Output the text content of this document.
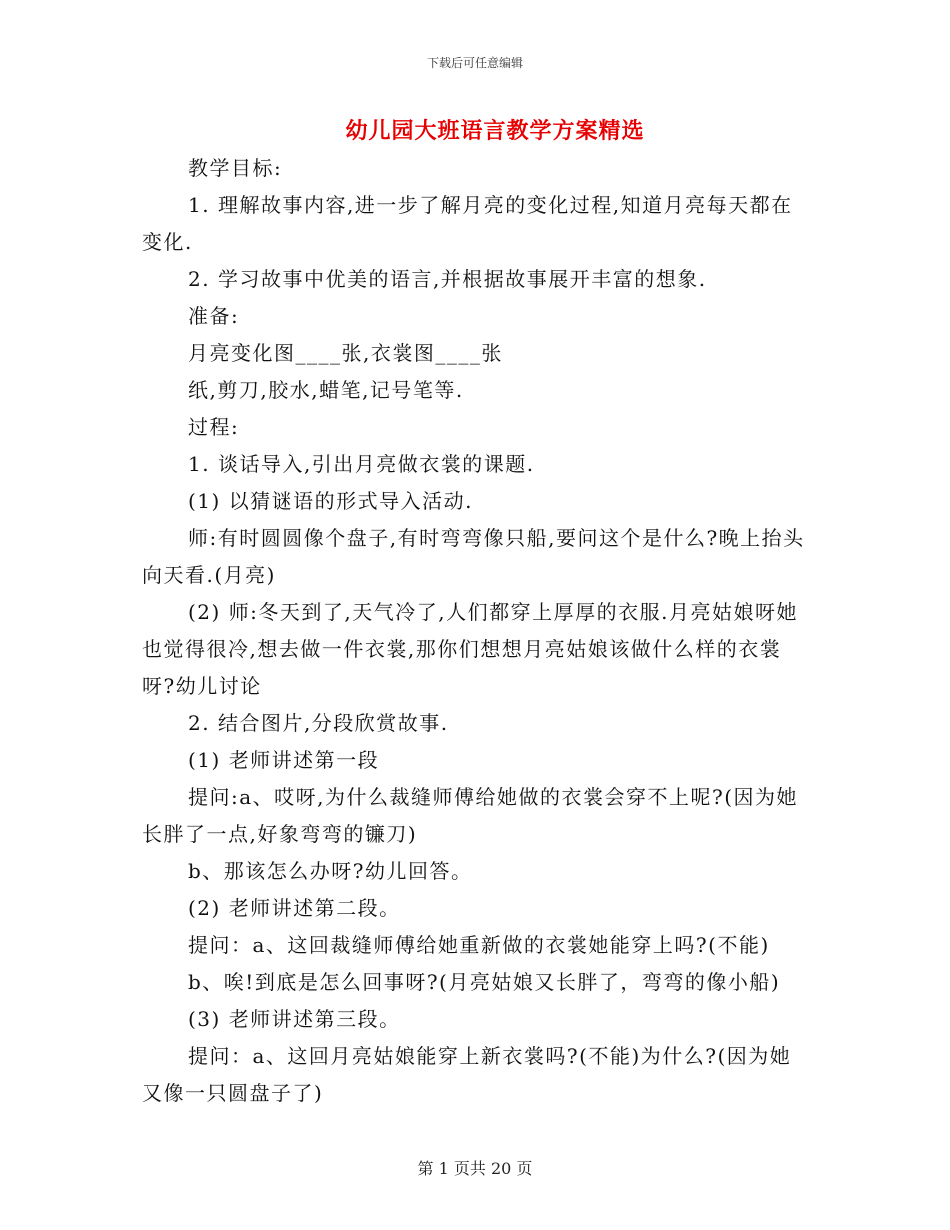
下载后可任意编辑
幼儿园大班语言教学方案精选

教学目标:

1. 理解故事内容,进一步了解月亮的变化过程,知道月亮每天都在变化.

2. 学习故事中优美的语言,并根据故事展开丰富的想象.

准备:

月亮变化图____张,衣裳图____张

纸,剪刀,胶水,蜡笔,记号笔等.

过程:

1. 谈话导入,引出月亮做衣裳的课题.

(1) 以猜谜语的形式导入活动.

师:有时圆圆像个盘子,有时弯弯像只船,要问这个是什么?晚上抬头向天看.(月亮)

(2) 师:冬天到了,天气冷了,人们都穿上厚厚的衣服.月亮姑娘呀她也觉得很冷,想去做一件衣裳,那你们想想月亮姑娘该做什么样的衣裳呀?幼儿讨论

2. 结合图片,分段欣赏故事.

(1) 老师讲述第一段

提问:a、哎呀,为什么裁缝师傅给她做的衣裳会穿不上呢?(因为她长胖了一点,好象弯弯的镰刀)

b、那该怎么办呀?幼儿回答。

(2) 老师讲述第二段。

提问：a、这回裁缝师傅给她重新做的衣裳她能穿上吗?(不能)

b、唉!到底是怎么回事呀?(月亮姑娘又长胖了，弯弯的像小船)

(3) 老师讲述第三段。

提问：a、这回月亮姑娘能穿上新衣裳吗?(不能)为什么?(因为她又像一只圆盘子了)

第 1 页共 20 页
